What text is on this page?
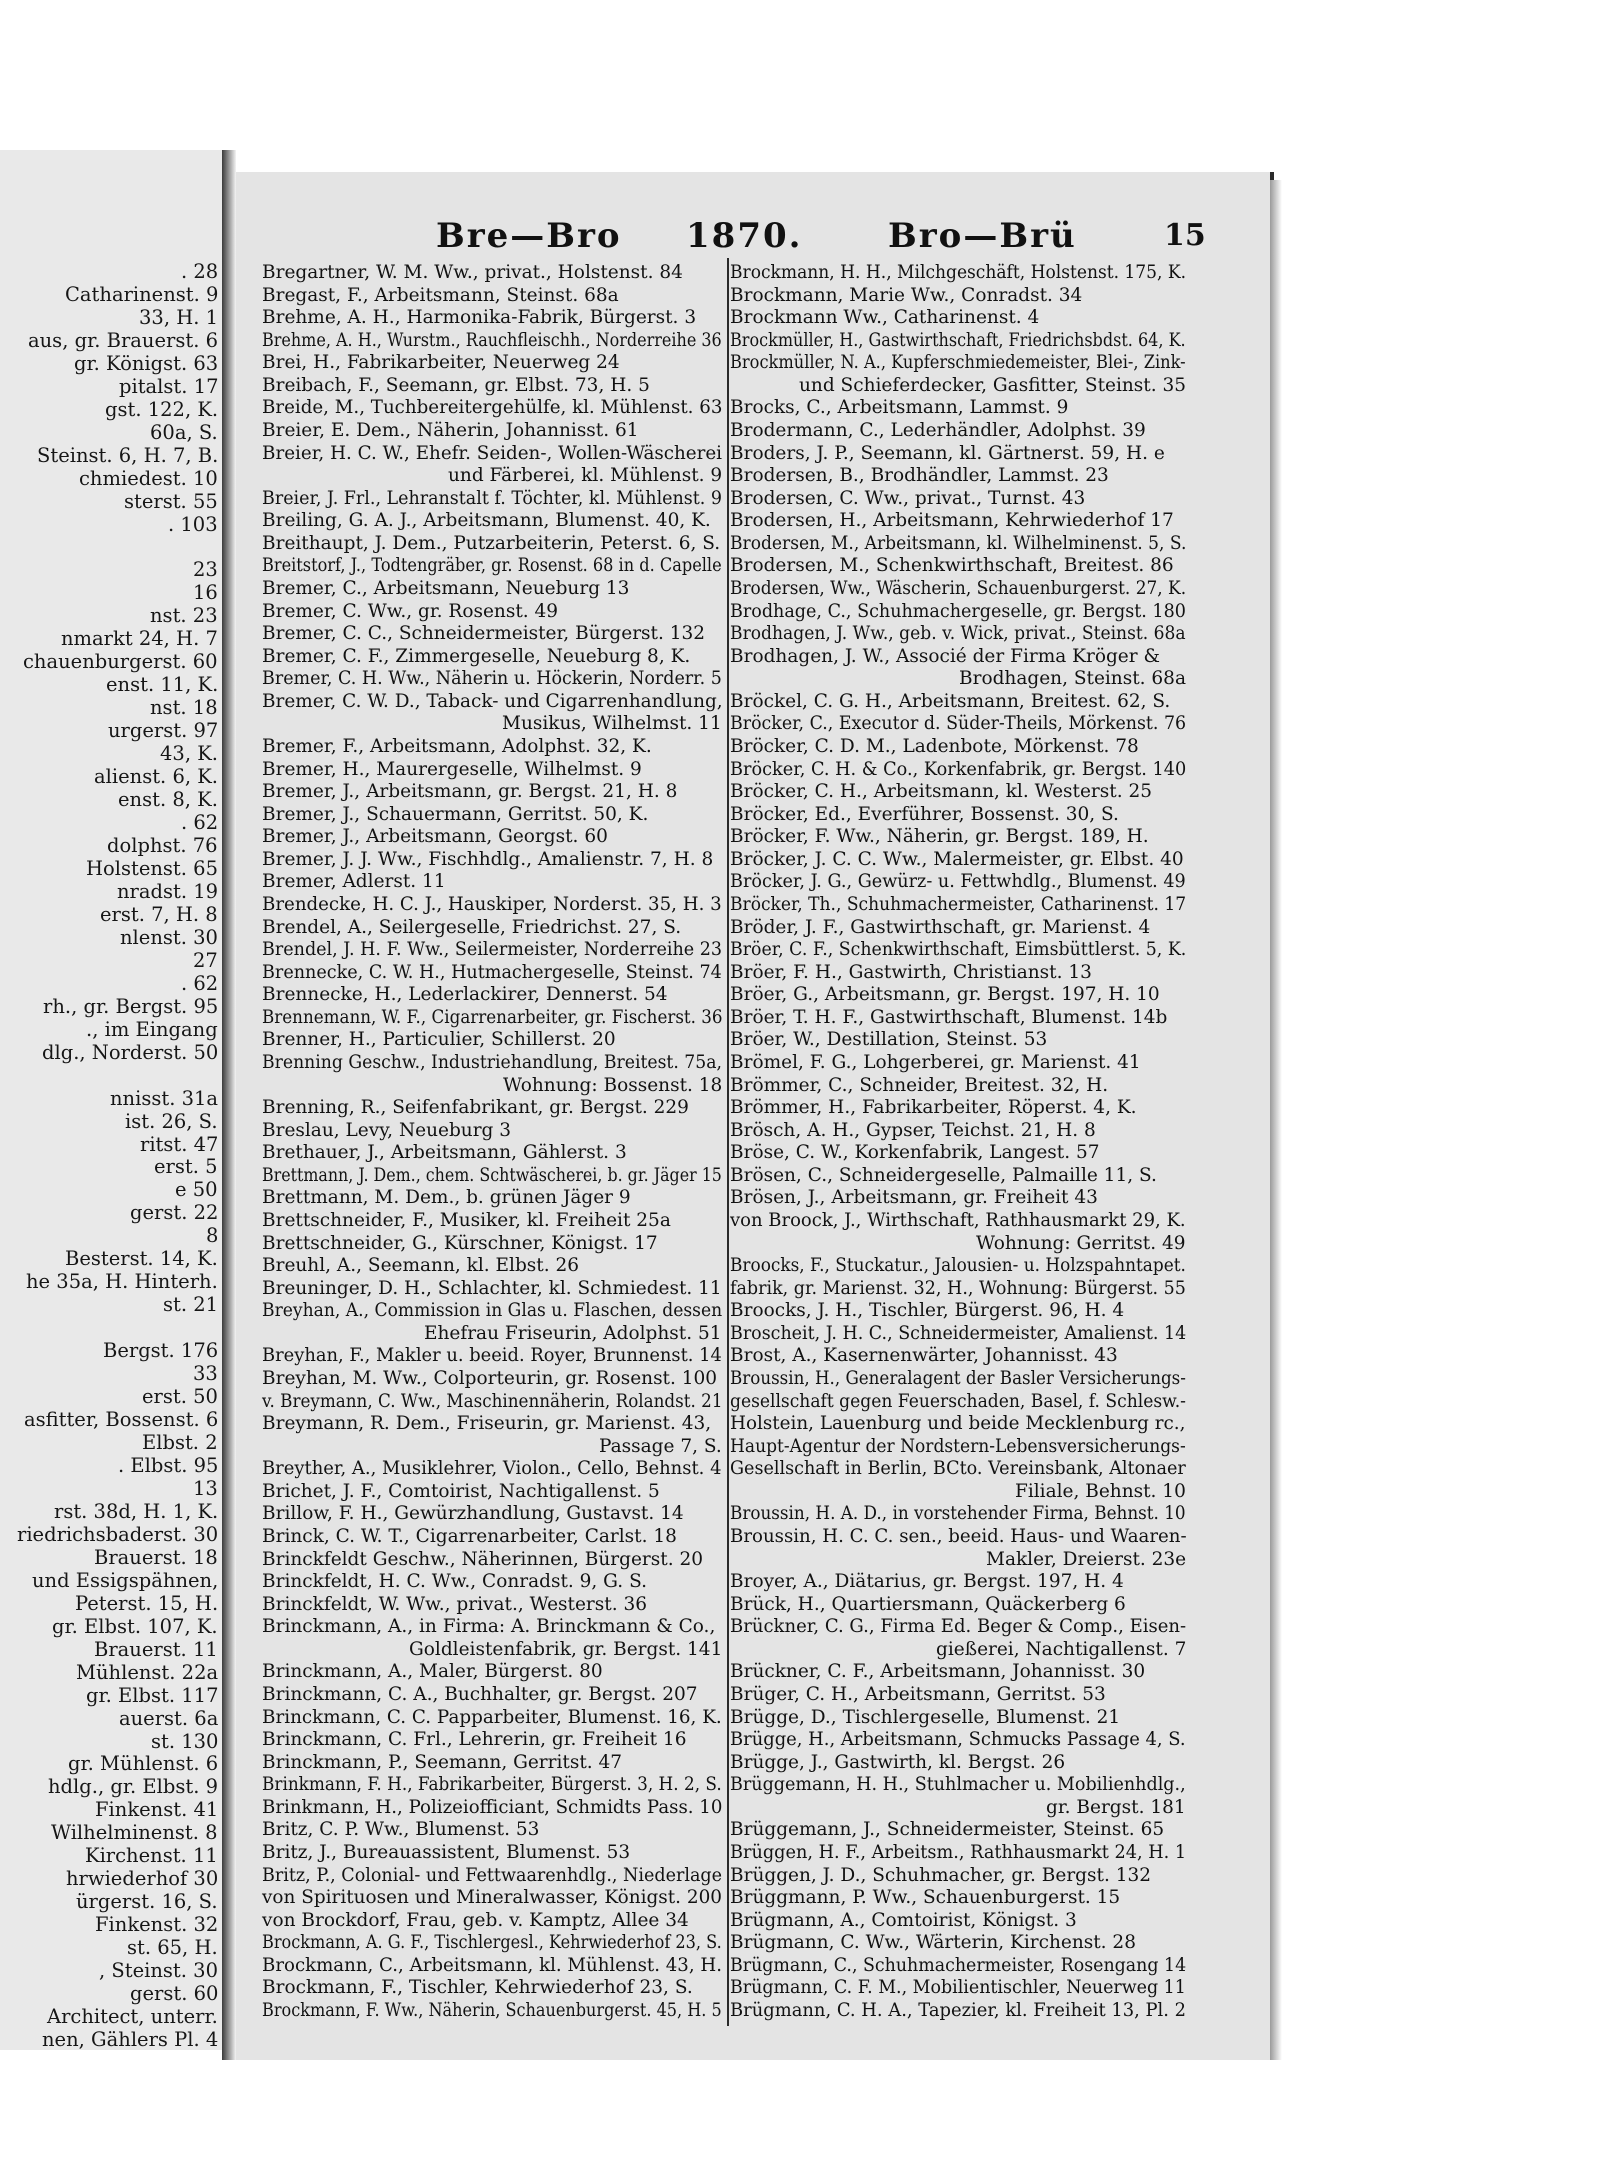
. 28
Catharinenst. 9
33, H. 1
aus, gr. Brauerst. 6
gr. Königst. 63
pitalst. 17
gst. 122, K.
60a, S.
Steinst. 6, H. 7, B.
chmiedest. 10
sterst. 55
. 103
23
16
nst. 23
nmarkt 24, H. 7
chauenburgerst. 60
enst. 11, K.
nst. 18
urgerst. 97
43, K.
alienst. 6, K.
enst. 8, K.
. 62
dolphst. 76
Holstenst. 65
nradst. 19
erst. 7, H. 8
nlenst. 30
27
. 62
rh., gr. Bergst. 95
., im Eingang
dlg., Norderst. 50
nnisst. 31a
ist. 26, S.
ritst. 47
erst. 5
e 50
gerst. 22
8
Besterst. 14, K.
he 35a, H. Hinterh.
st. 21
Bergst. 176
33
erst. 50
asfitter, Bossenst. 6
Elbst. 2
. Elbst. 95
13
rst. 38d, H. 1, K.
riedrichsbaderst. 30
Brauerst. 18
und Essigspähnen,
Peterst. 15, H.
gr. Elbst. 107, K.
Brauerst. 11
Mühlenst. 22a
gr. Elbst. 117
auerst. 6a
st. 130
gr. Mühlenst. 6
hdlg., gr. Elbst. 9
Finkenst. 41
Wilhelminenst. 8
Kirchenst. 11
hrwiederhof 30
ürgerst. 16, S.
Finkenst. 32
st. 65, H.
, Steinst. 30
gerst. 60
Architect, unterr.
nen, Gählers Pl. 4
Bre—Bro 1870.	Bro—Brü	15
Bregartner, W. M. Ww., privat., Holstenst. 84
Bregast, F., Arbeitsmann, Steinst. 68a
Brehme, A. H., Harmonika-Fabrik, Bürgerst. 3
Brehme, A. H., Wurstm., Rauchfleischh., Norderreihe 36
Brei, H., Fabrikarbeiter, Neuerweg 24
Breibach, F., Seemann, gr. Elbst. 73, H. 5
Breide, M., Tuchbereitergehülfe, kl. Mühlenst. 63
Breier, E. Dem., Näherin, Johannisst. 61
Breier, H. C. W., Ehefr. Seiden-, Wollen-Wäscherei
und Färberei, kl. Mühlenst. 9
Breier, J. Frl., Lehranstalt f. Töchter, kl. Mühlenst. 9
Breiling, G. A. J., Arbeitsmann, Blumenst. 40, K.
Breithaupt, J. Dem., Putzarbeiterin, Peterst. 6, S.
Breitstorf, J., Todtengräber, gr. Rosenst. 68 in d. Capelle
Bremer, C., Arbeitsmann, Neueburg 13
Bremer, C. Ww., gr. Rosenst. 49
Bremer, C. C., Schneidermeister, Bürgerst. 132
Bremer, C. F., Zimmergeselle, Neueburg 8, K.
Bremer, C. H. Ww., Näherin u. Höckerin, Norderr. 5
Bremer, C. W. D., Taback- und Cigarrenhandlung,
Musikus, Wilhelmst. 11
Bremer, F., Arbeitsmann, Adolphst. 32, K.
Bremer, H., Maurergeselle, Wilhelmst. 9
Bremer, J., Arbeitsmann, gr. Bergst. 21, H. 8
Bremer, J., Schauermann, Gerritst. 50, K.
Bremer, J., Arbeitsmann, Georgst. 60
Bremer, J. J. Ww., Fischhdlg., Amalienstr. 7, H. 8
Bremer, Adlerst. 11
Brendecke, H. C. J., Hauskiper, Norderst. 35, H. 3
Brendel, A., Seilergeselle, Friedrichst. 27, S.
Brendel, J. H. F. Ww., Seilermeister, Norderreihe 23
Brennecke, C. W. H., Hutmachergeselle, Steinst. 74
Brennecke, H., Lederlackirer, Dennerst. 54
Brennemann, W. F., Cigarrenarbeiter, gr. Fischerst. 36
Brenner, H., Particulier, Schillerst. 20
Brenning Geschw., Industriehandlung, Breitest. 75a,
Wohnung: Bossenst. 18
Brenning, R., Seifenfabrikant, gr. Bergst. 229
Breslau, Levy, Neueburg 3
Brethauer, J., Arbeitsmann, Gählerst. 3
Brettmann, J. Dem., chem. Schtwäscherei, b. gr. Jäger 15
Brettmann, M. Dem., b. grünen Jäger 9
Brettschneider, F., Musiker, kl. Freiheit 25a
Brettschneider, G., Kürschner, Königst. 17
Breuhl, A., Seemann, kl. Elbst. 26
Breuninger, D. H., Schlachter, kl. Schmiedest. 11
Breyhan, A., Commission in Glas u. Flaschen, dessen
Ehefrau Friseurin, Adolphst. 51
Breyhan, F., Makler u. beeid. Royer, Brunnenst. 14
Breyhan, M. Ww., Colporteurin, gr. Rosenst. 100
v. Breymann, C. Ww., Maschinennäherin, Rolandst. 21
Breymann, R. Dem., Friseurin, gr. Marienst. 43,
Passage 7, S.
Breyther, A., Musiklehrer, Violon., Cello, Behnst. 4
Brichet, J. F., Comtoirist, Nachtigallenst. 5
Brillow, F. H., Gewürzhandlung, Gustavst. 14
Brinck, C. W. T., Cigarrenarbeiter, Carlst. 18
Brinckfeldt Geschw., Näherinnen, Bürgerst. 20
Brinckfeldt, H. C. Ww., Conradst. 9, G. S.
Brinckfeldt, W. Ww., privat., Westerst. 36
Brinckmann, A., in Firma: A. Brinckmann & Co.,
Goldleistenfabrik, gr. Bergst. 141
Brinckmann, A., Maler, Bürgerst. 80
Brinckmann, C. A., Buchhalter, gr. Bergst. 207
Brinckmann, C. C. Papparbeiter, Blumenst. 16, K.
Brinckmann, C. Frl., Lehrerin, gr. Freiheit 16
Brinckmann, P., Seemann, Gerritst. 47
Brinkmann, F. H., Fabrikarbeiter, Bürgerst. 3, H. 2, S.
Brinkmann, H., Polizeiofficiant, Schmidts Pass. 10
Britz, C. P. Ww., Blumenst. 53
Britz, J., Bureauassistent, Blumenst. 53
Britz, P., Colonial- und Fettwaarenhdlg., Niederlage
von Spirituosen und Mineralwasser, Königst. 200
von Brockdorf, Frau, geb. v. Kamptz, Allee 34
Brockmann, A. G. F., Tischlergesl., Kehrwiederhof 23, S.
Brockmann, C., Arbeitsmann, kl. Mühlenst. 43, H.
Brockmann, F., Tischler, Kehrwiederhof 23, S.
Brockmann, F. Ww., Näherin, Schauenburgerst. 45, H. 5
Brockmann, H. H., Milchgeschäft, Holstenst. 175, K.
Brockmann, Marie Ww., Conradst. 34
Brockmann Ww., Catharinenst. 4
Brockmüller, H., Gastwirthschaft, Friedrichsbdst. 64, K.
Brockmüller, N. A., Kupferschmiedemeister, Blei-, Zink-
und Schieferdecker, Gasfitter, Steinst. 35
Brocks, C., Arbeitsmann, Lammst. 9
Brodermann, C., Lederhändler, Adolphst. 39
Broders, J. P., Seemann, kl. Gärtnerst. 59, H. e
Brodersen, B., Brodhändler, Lammst. 23
Brodersen, C. Ww., privat., Turnst. 43
Brodersen, H., Arbeitsmann, Kehrwiederhof 17
Brodersen, M., Arbeitsmann, kl. Wilhelminenst. 5, S.
Brodersen, M., Schenkwirthschaft, Breitest. 86
Brodersen, Ww., Wäscherin, Schauenburgerst. 27, K.
Brodhage, C., Schuhmachergeselle, gr. Bergst. 180
Brodhagen, J. Ww., geb. v. Wick, privat., Steinst. 68a
Brodhagen, J. W., Associé der Firma Kröger &
Brodhagen, Steinst. 68a
Bröckel, C. G. H., Arbeitsmann, Breitest. 62, S.
Bröcker, C., Executor d. Süder-Theils, Mörkenst. 76
Bröcker, C. D. M., Ladenbote, Mörkenst. 78
Bröcker, C. H. & Co., Korkenfabrik, gr. Bergst. 140
Bröcker, C. H., Arbeitsmann, kl. Westerst. 25
Bröcker, Ed., Everführer, Bossenst. 30, S.
Bröcker, F. Ww., Näherin, gr. Bergst. 189, H.
Bröcker, J. C. C. Ww., Malermeister, gr. Elbst. 40
Bröcker, J. G., Gewürz- u. Fettwhdlg., Blumenst. 49
Bröcker, Th., Schuhmachermeister, Catharinenst. 17
Bröder, J. F., Gastwirthschaft, gr. Marienst. 4
Bröer, C. F., Schenkwirthschaft, Eimsbüttlerst. 5, K.
Bröer, F. H., Gastwirth, Christianst. 13
Bröer, G., Arbeitsmann, gr. Bergst. 197, H. 10
Bröer, T. H. F., Gastwirthschaft, Blumenst. 14b
Bröer, W., Destillation, Steinst. 53
Brömel, F. G., Lohgerberei, gr. Marienst. 41
Brömmer, C., Schneider, Breitest. 32, H.
Brömmer, H., Fabrikarbeiter, Röperst. 4, K.
Brösch, A. H., Gypser, Teichst. 21, H. 8
Bröse, C. W., Korkenfabrik, Langest. 57
Brösen, C., Schneidergeselle, Palmaille 11, S.
Brösen, J., Arbeitsmann, gr. Freiheit 43
von Broock, J., Wirthschaft, Rathhausmarkt 29, K.
Wohnung: Gerritst. 49
Broocks, F., Stuckatur., Jalousien- u. Holzspahntapet.
fabrik, gr. Marienst. 32, H., Wohnung: Bürgerst. 55
Broocks, J. H., Tischler, Bürgerst. 96, H. 4
Broscheit, J. H. C., Schneidermeister, Amalienst. 14
Brost, A., Kasernenwärter, Johannisst. 43
Broussin, H., Generalagent der Basler Versicherungs-
gesellschaft gegen Feuerschaden, Basel, f. Schlesw.-
Holstein, Lauenburg und beide Mecklenburg rc.,
Haupt-Agentur der Nordstern-Lebensversicherungs-
Gesellschaft in Berlin, BCto. Vereinsbank, Altonaer
Filiale, Behnst. 10
Broussin, H. A. D., in vorstehender Firma, Behnst. 10
Broussin, H. C. C. sen., beeid. Haus- und Waaren-
Makler, Dreierst. 23e
Broyer, A., Diätarius, gr. Bergst. 197, H. 4
Brück, H., Quartiersmann, Quäckerberg 6
Brückner, C. G., Firma Ed. Beger & Comp., Eisen-
gießerei, Nachtigallenst. 7
Brückner, C. F., Arbeitsmann, Johannisst. 30
Brüger, C. H., Arbeitsmann, Gerritst. 53
Brügge, D., Tischlergeselle, Blumenst. 21
Brügge, H., Arbeitsmann, Schmucks Passage 4, S.
Brügge, J., Gastwirth, kl. Bergst. 26
Brüggemann, H. H., Stuhlmacher u. Mobilienhdlg.,
gr. Bergst. 181
Brüggemann, J., Schneidermeister, Steinst. 65
Brüggen, H. F., Arbeitsm., Rathhausmarkt 24, H. 1
Brüggen, J. D., Schuhmacher, gr. Bergst. 132
Brüggmann, P. Ww., Schauenburgerst. 15
Brügmann, A., Comtoirist, Königst. 3
Brügmann, C. Ww., Wärterin, Kirchenst. 28
Brügmann, C., Schuhmachermeister, Rosengang 14
Brügmann, C. F. M., Mobilientischler, Neuerweg 11
Brügmann, C. H. A., Tapezier, kl. Freiheit 13, Pl. 2
